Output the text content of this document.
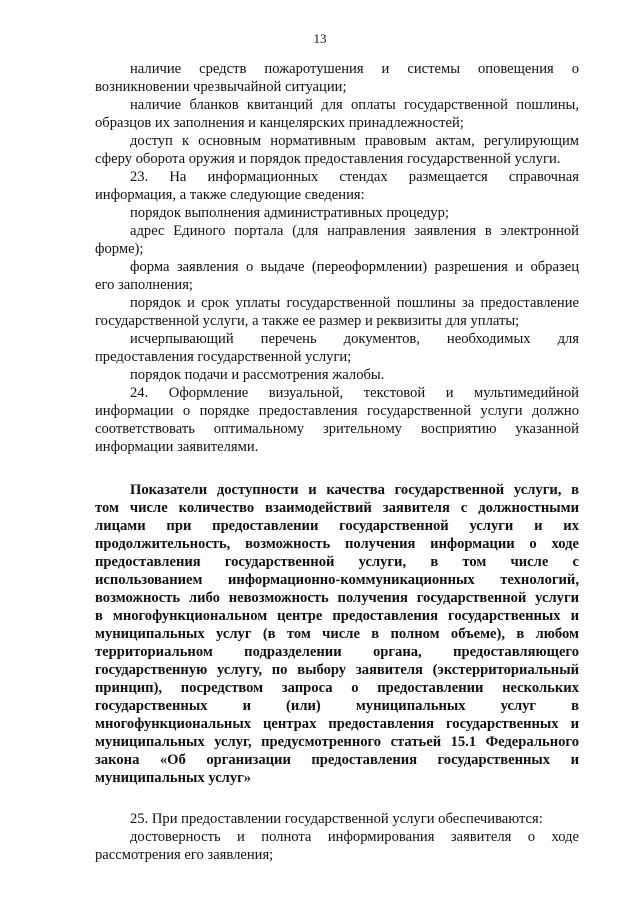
13
наличие средств пожаротушения и системы оповещения о
возникновении чрезвычайной ситуации;
наличие бланков квитанций для оплаты государственной пошлины,
образцов их заполнения и канцелярских принадлежностей;
доступ к основным нормативным правовым актам, регулирующим
сферу оборота оружия и порядок предоставления государственной услуги.
23. На информационных стендах размещается справочная
информация, а также следующие сведения:
порядок выполнения административных процедур;
адрес Единого портала (для направления заявления в электронной
форме);
форма заявления о выдаче (переоформлении) разрешения и образец
его заполнения;
порядок и срок уплаты государственной пошлины за предоставление
государственной услуги, а также ее размер и реквизиты для уплаты;
исчерпывающий перечень документов, необходимых для
предоставления государственной услуги;
порядок подачи и рассмотрения жалобы.
24. Оформление визуальной, текстовой и мультимедийной
информации о порядке предоставления государственной услуги должно
соответствовать оптимальному зрительному восприятию указанной
информации заявителями.
Показатели доступности и качества государственной услуги, в
том числе количество взаимодействий заявителя с должностными
лицами при предоставлении государственной услуги и их
продолжительность, возможность получения информации о ходе
предоставления государственной услуги, в том числе с
использованием информационно-коммуникационных технологий,
возможность либо невозможность получения государственной услуги
в многофункциональном центре предоставления государственных и
муниципальных услуг (в том числе в полном объеме), в любом
территориальном подразделении органа, предоставляющего
государственную услугу, по выбору заявителя (экстерриториальный
принцип), посредством запроса о предоставлении нескольких
государственных и (или) муниципальных услуг в
многофункциональных центрах предоставления государственных и
муниципальных услуг, предусмотренного статьей 15.1 Федерального
закона «Об организации предоставления государственных и
муниципальных услуг»
25. При предоставлении государственной услуги обеспечиваются:
достоверность и полнота информирования заявителя о ходе
рассмотрения его заявления;
